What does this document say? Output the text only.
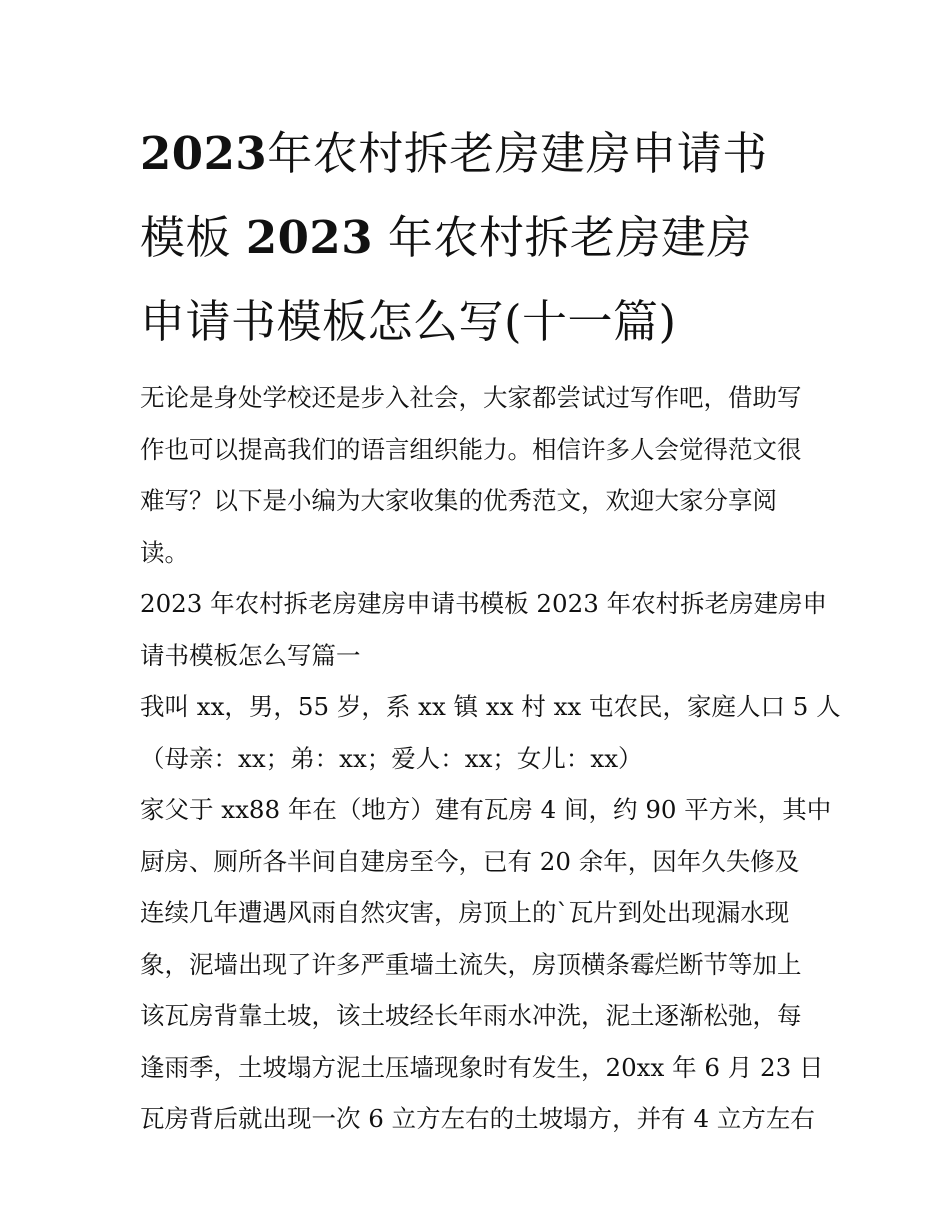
2023年农村拆老房建房申请书
模板 2023 年农村拆老房建房
申请书模板怎么写(十一篇)

无论是身处学校还是步入社会，大家都尝试过写作吧，借助写
作也可以提高我们的语言组织能力。相信许多人会觉得范文很
难写？以下是小编为大家收集的优秀范文，欢迎大家分享阅
读。

2023 年农村拆老房建房申请书模板 2023 年农村拆老房建房申
请书模板怎么写篇一

我叫 xx，男，55 岁，系 xx 镇 xx 村 xx 屯农民，家庭人口 5 人
（母亲：xx；弟：xx；爱人：xx；女儿：xx）

家父于 xx88 年在（地方）建有瓦房 4 间，约 90 平方米，其中
厨房、厕所各半间自建房至今，已有 20 余年，因年久失修及
连续几年遭遇风雨自然灾害，房顶上的`瓦片到处出现漏水现
象，泥墙出现了许多严重墙土流失，房顶横条霉烂断节等加上
该瓦房背靠土坡，该土坡经长年雨水冲洗，泥土逐渐松弛，每
逢雨季，土坡塌方泥土压墙现象时有发生，20xx 年 6 月 23 日
瓦房背后就出现一次 6 立方左右的土坡塌方，并有 4 立方左右
